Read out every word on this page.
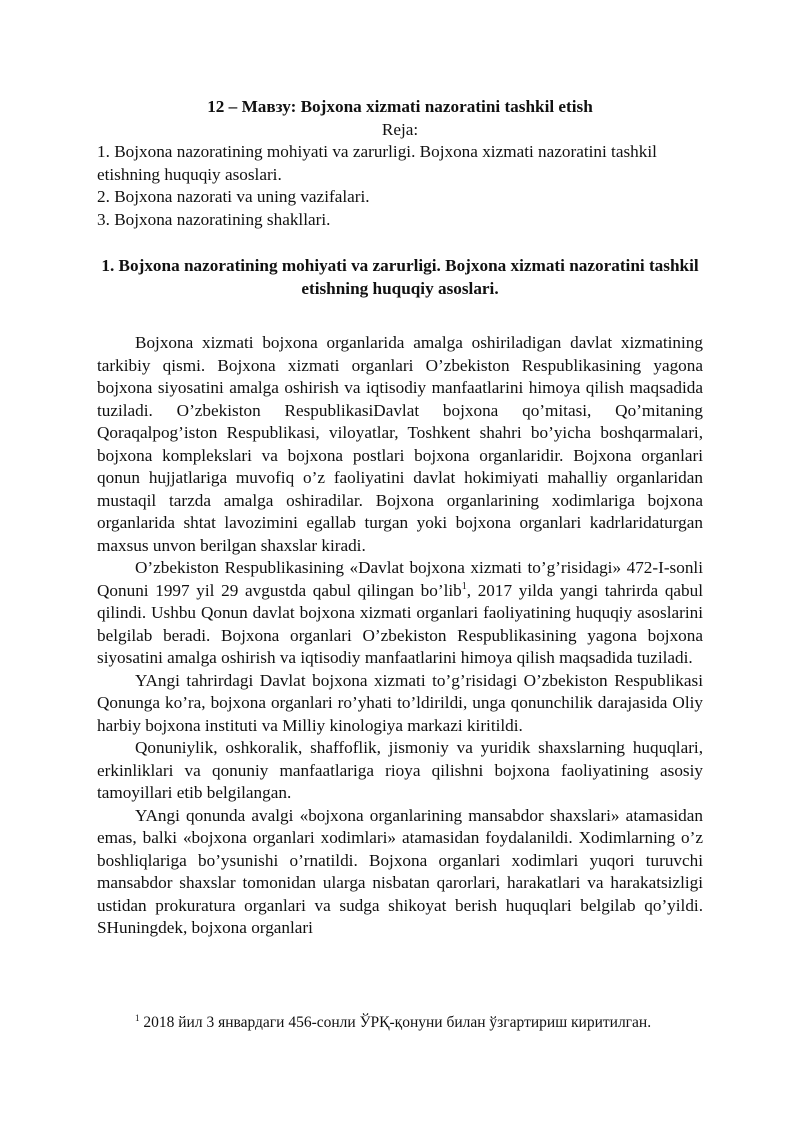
12 – Мавзу: Bojxona xizmati nazoratini tashkil etish

Reja:

1. Bojxona nazoratining mohiyati va zarurligi. Bojxona xizmati nazoratini tashkil etishning huquqiy asoslari.
2. Bojxona nazorati va uning vazifalari.
3. Bojxona nazoratining shakllari.

1. Bojxona nazoratining mohiyati va zarurligi. Bojxona xizmati nazoratini tashkil etishning huquqiy asoslari.

Bojxona xizmati bojxona organlarida amalga oshiriladigan davlat xizmatining tarkibiy qismi. Bojxona xizmati organlari O’zbekiston Respublikasining yagona bojxona siyosatini amalga oshirish va iqtisodiy manfaatlarini himoya qilish maqsadida tuziladi. O’zbekiston RespublikasiDavlat bojxona qo’mitasi, Qo’mitaning Qoraqalpog’iston Respublikasi, viloyatlar, Toshkent shahri bo’yicha boshqarmalari, bojxona komplekslari va bojxona postlari bojxona organlaridir. Bojxona organlari qonun hujjatlariga muvofiq o’z faoliyatini davlat hokimiyati mahalliy organlaridan mustaqil tarzda amalga oshiradilar. Bojxona organlarining xodimlariga bojxona organlarida shtat lavozimini egallab turgan yoki bojxona organlari kadrlaridaturgan maxsus unvon berilgan shaxslar kiradi.

O’zbekiston Respublikasining «Davlat bojxona xizmati to’g’risidagi» 472-I-sonli Qonuni 1997 yil 29 avgustda qabul qilingan bo’lib$^1$, 2017 yilda yangi tahrirda qabul qilindi. Ushbu Qonun davlat bojxona xizmati organlari faoliyatining huquqiy asoslarini belgilab beradi. Bojxona organlari O’zbekiston Respublikasining yagona bojxona siyosatini amalga oshirish va iqtisodiy manfaatlarini himoya qilish maqsadida tuziladi.

YAngi tahrirdagi Davlat bojxona xizmati to’g’risidagi O’zbekiston Respublikasi Qonunga ko’ra, bojxona organlari ro’yhati to’ldirildi, unga qonunchilik darajasida Oliy harbiy bojxona instituti va Milliy kinologiya markazi kiritildi.

Qonuniylik, oshkoralik, shaffoflik, jismoniy va yuridik shaxslarning huquqlari, erkinliklari va qonuniy manfaatlariga rioya qilishni bojxona faoliyatining asosiy tamoyillari etib belgilangan.

YAngi qonunda avalgi «bojxona organlarining mansabdor shaxslari» atamasidan emas, balki «bojxona organlari xodimlari» atamasidan foydalanildi. Xodimlarning o’z boshliqlariga bo’ysunishi o’rnatildi. Bojxona organlari xodimlari yuqori turuvchi mansabdor shaxslar tomonidan ularga nisbatan qarorlari, harakatlari va harakatsizligi ustidan prokuratura organlari va sudga shikoyat berish huquqlari belgilab qo’yildi. SHuningdek, bojxona organlari

$^1$ 2018 йил 3 январдаги 456-сонли ЎРҚ-қонуни билан ўзгартириш киритилган.
